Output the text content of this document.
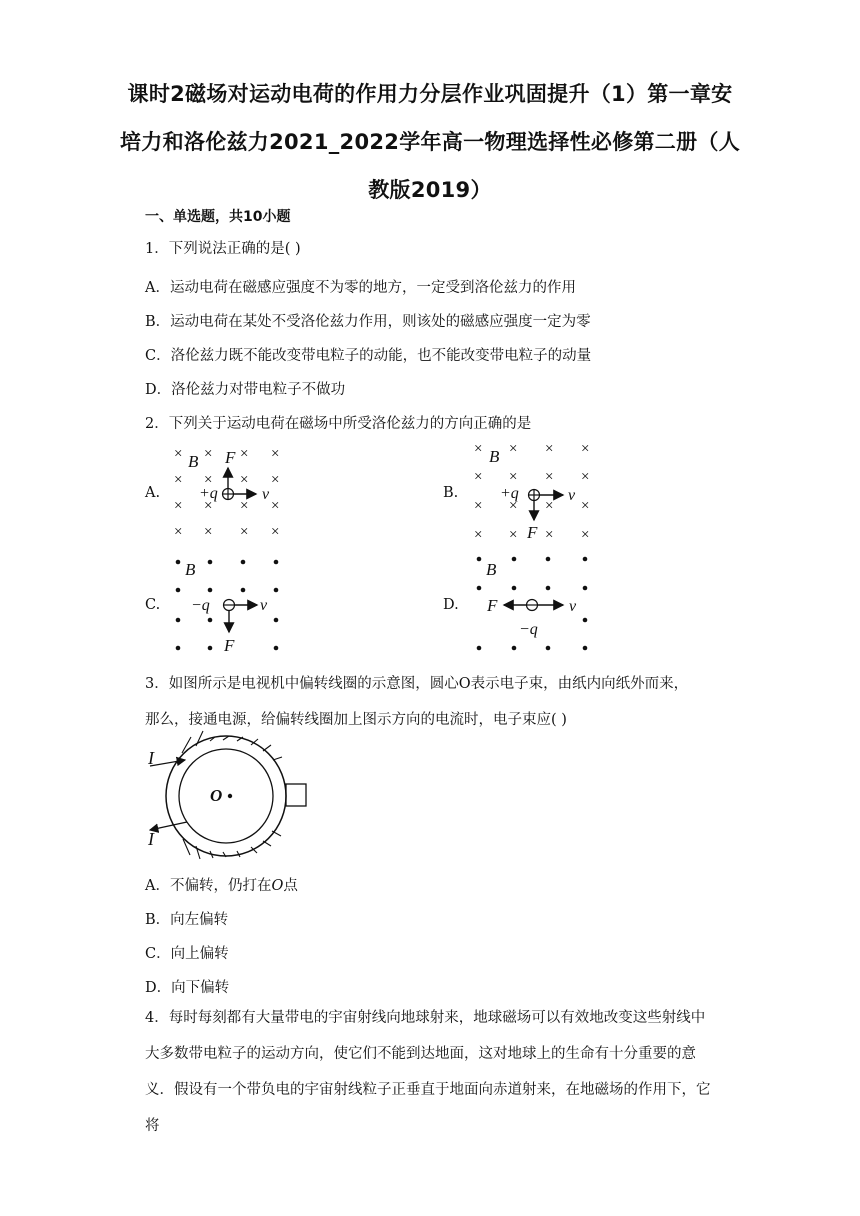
课时2磁场对运动电荷的作用力分层作业巩固提升（1）第一章安培力和洛伦兹力2021_2022学年高一物理选择性必修第二册（人教版2019）
一、单选题，共10小题
1．下列说法正确的是( )
A．运动电荷在磁感应强度不为零的地方，一定受到洛伦兹力的作用
B．运动电荷在某处不受洛伦兹力作用，则该处的磁感应强度一定为零
C．洛伦兹力既不能改变带电粒子的动能，也不能改变带电粒子的动量
D．洛伦兹力对带电粒子不做功
2．下列关于运动电荷在磁场中所受洛伦兹力的方向正确的是
A.	B.
C.	D.
× × × ×
× × × ×
× × × ×
× × × ×
B F
+q	v
× × × ×
× × × ×
× × × ×
× × × ×
B
+q	v
F
B
−q	v
F
B
F	v
−q
I
I
O
3．如图所示是电视机中偏转线圈的示意图，圆心O表示电子束，由纸内向纸外而来，
那么，接通电源，给偏转线圈加上图示方向的电流时，电子束应( )
A．不偏转，仍打在O点
B．向左偏转
C．向上偏转
D．向下偏转
4．每时每刻都有大量带电的宇宙射线向地球射来，地球磁场可以有效地改变这些射线中大多数带电粒子的运动方向，使它们不能到达地面，这对地球上的生命有十分重要的意义．假设有一个带负电的宇宙射线粒子正垂直于地面向赤道射来，在地磁场的作用下，它将
